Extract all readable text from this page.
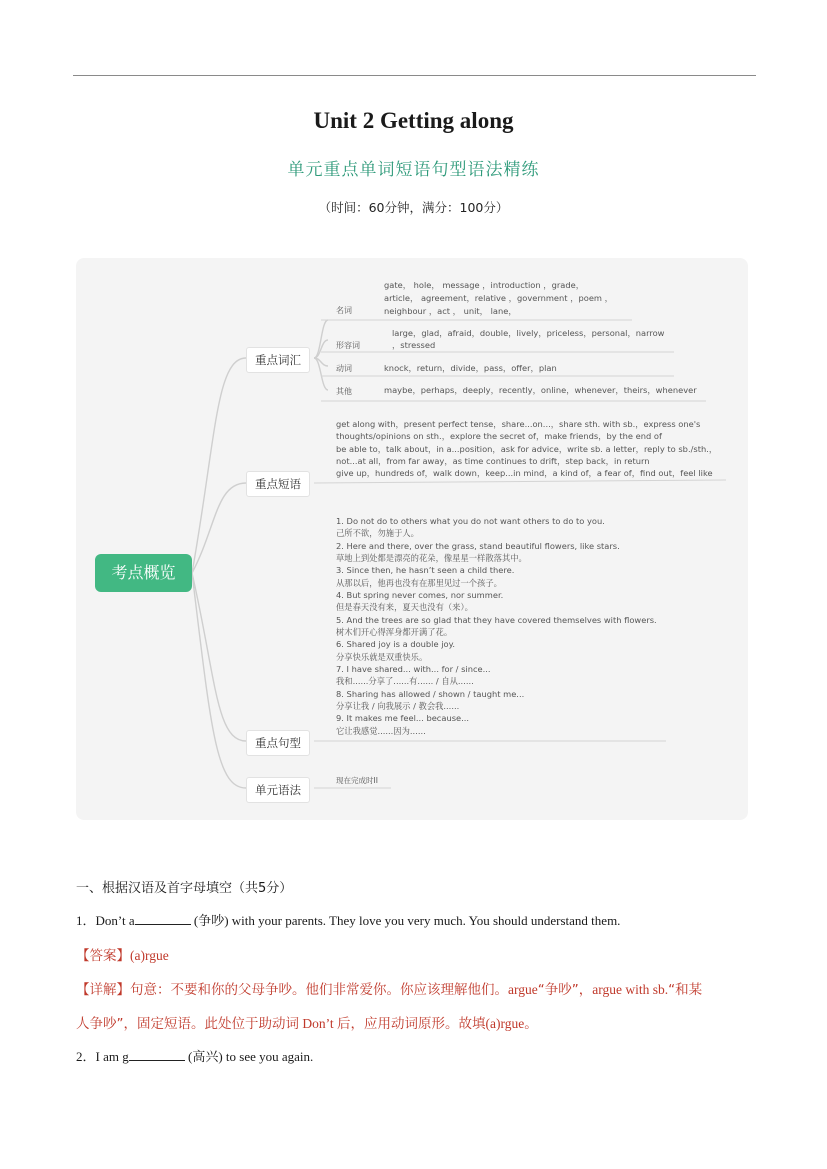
Unit 2 Getting along
单元重点单词短语句型语法精练
（时间：60分钟，满分：100分）
考点概览
重点词汇
重点短语
重点句型
单元语法
名词
gate， hole， message ，introduction ，grade，
article， agreement，relative ，government ，poem ，
neighbour ，act ， unit， lane，
形容词
large，glad，afraid，double，lively，priceless，personal，narrow
，stressed
动词	knock，return，divide，pass，offer，plan
其他	maybe，perhaps，deeply，recently，online，whenever，theirs，whenever
get along with，present perfect tense，share...on...，share sth. with sb.，express one's
thoughts/opinions on sth.，explore the secret of，make friends，by the end of
be able to，talk about，in a...position，ask for advice，write sb. a letter，reply to sb./sth.，
not...at all，from far away，as time continues to drift，step back，in return
give up，hundreds of，walk down，keep...in mind，a kind of，a fear of，find out，feel like
1. Do not do to others what you do not want others to do to you.
己所不欲，勿施于人。
2. Here and there, over the grass, stand beautiful flowers, like stars.
草地上到处都是漂亮的花朵，像星星一样散落其中。
3. Since then, he hasn’t seen a child there.
从那以后，他再也没有在那里见过一个孩子。
4. But spring never comes, nor summer.
但是春天没有来，夏天也没有（来）。
5. And the trees are so glad that they have covered themselves with flowers.
树木们开心得浑身都开满了花。
6. Shared joy is a double joy.
分享快乐就是双重快乐。
7. I have shared... with... for / since...
我和......分享了......有...... / 自从......
8. Sharing has allowed / shown / taught me...
分享让我 / 向我展示 / 教会我......
9. It makes me feel... because...
它让我感觉......因为......
现在完成时II
一、根据汉语及首字母填空（共5分）
1．Don’t a	(争吵) with your parents. They love you very much. You should understand them.
【答案】(a)rgue
【详解】句意：不要和你的父母争吵。他们非常爱你。你应该理解他们。argue“争吵”，argue with sb.“和某
人争吵”，固定短语。此处位于助动词 Don’t 后，应用动词原形。故填(a)rgue。
2．I am g	(高兴) to see you again.
